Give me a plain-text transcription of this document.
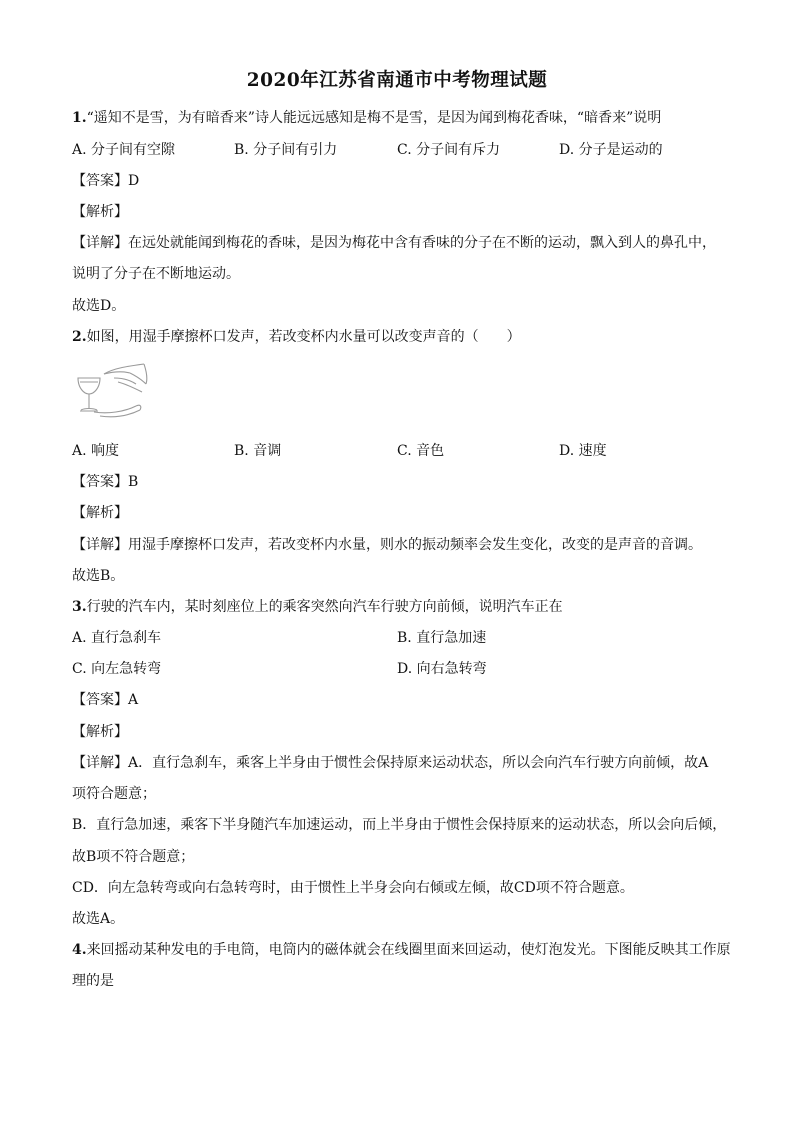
2020年江苏省南通市中考物理试题
1.“遥知不是雪，为有暗香来”诗人能远远感知是梅不是雪，是因为闻到梅花香味，“暗香来”说明
A. 分子间有空隙	B. 分子间有引力	C. 分子间有斥力	D. 分子是运动的
【答案】D
【解析】
【详解】在远处就能闻到梅花的香味，是因为梅花中含有香味的分子在不断的运动，飘入到人的鼻孔中，
说明了分子在不断地运动。
故选D。
2.如图，用湿手摩擦杯口发声，若改变杯内水量可以改变声音的（　　）
A. 响度	B. 音调	C. 音色	D. 速度
【答案】B
【解析】
【详解】用湿手摩擦杯口发声，若改变杯内水量，则水的振动频率会发生变化，改变的是声音的音调。
故选B。
3.行驶的汽车内，某时刻座位上的乘客突然向汽车行驶方向前倾，说明汽车正在
A. 直行急刹车	B. 直行急加速
C. 向左急转弯	D. 向右急转弯
【答案】A
【解析】
【详解】A．直行急刹车，乘客上半身由于惯性会保持原来运动状态，所以会向汽车行驶方向前倾，故A
项符合题意；
B．直行急加速，乘客下半身随汽车加速运动，而上半身由于惯性会保持原来的运动状态，所以会向后倾，
故B项不符合题意；
CD．向左急转弯或向右急转弯时，由于惯性上半身会向右倾或左倾，故CD项不符合题意。
故选A。
4.来回摇动某种发电的手电筒，电筒内的磁体就会在线圈里面来回运动，使灯泡发光。下图能反映其工作原
理的是
